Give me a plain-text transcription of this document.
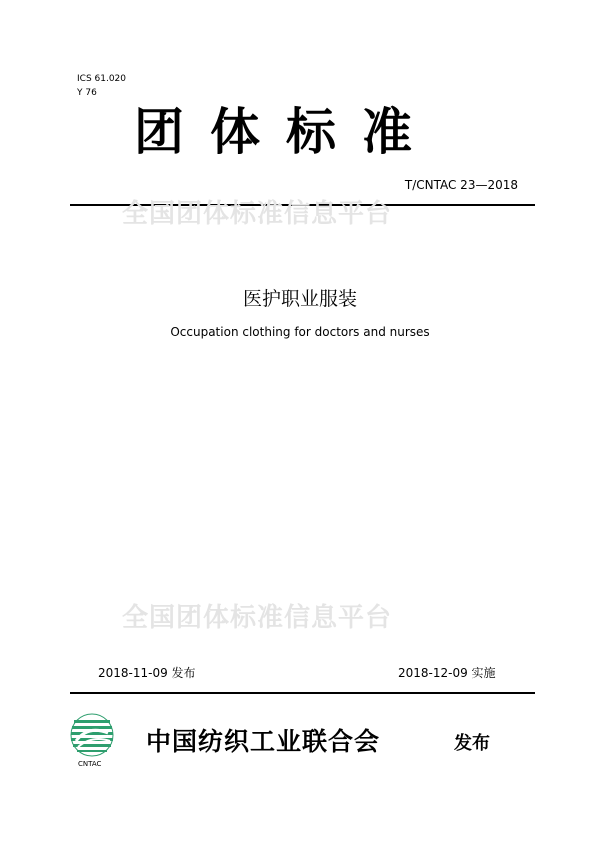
ICS 61.020
Y 76
团体标准
T/CNTAC 23—2018
全国团体标准信息平台
医护职业服装
Occupation clothing for doctors and nurses
全国团体标准信息平台
2018-11-09 发布	2018-12-09 实施
CNTAC
中国纺织工业联合会	发布
